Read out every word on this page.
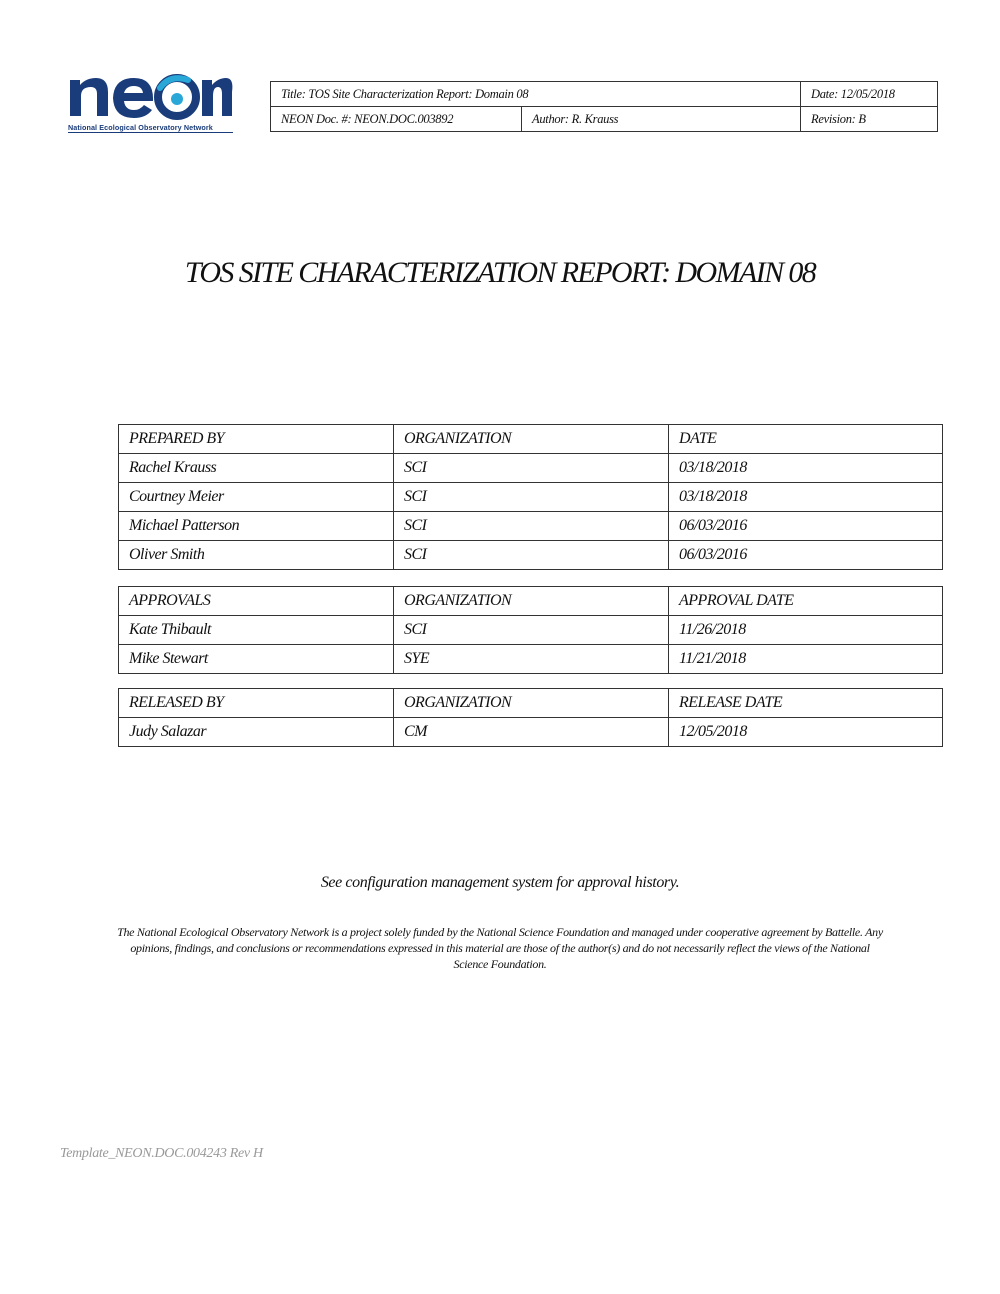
National Ecological Observatory Network
Title: TOS Site Characterization Report: Domain 08		Date: 12/05/2018
NEON Doc. #: NEON.DOC.003892	Author: R. Krauss	Revision: B
TOS SITE CHARACTERIZATION REPORT: DOMAIN 08
PREPARED BY	ORGANIZATION	DATE
Rachel Krauss	SCI	03/18/2018
Courtney Meier	SCI	03/18/2018
Michael Patterson	SCI	06/03/2016
Oliver Smith	SCI	06/03/2016
APPROVALS	ORGANIZATION	APPROVAL DATE
Kate Thibault	SCI	11/26/2018
Mike Stewart	SYE	11/21/2018
RELEASED BY	ORGANIZATION	RELEASE DATE
Judy Salazar	CM	12/05/2018
See configuration management system for approval history.
The National Ecological Observatory Network is a project solely funded by the National Science Foundation and managed under cooperative agreement by Battelle. Any opinions, findings, and conclusions or recommendations expressed in this material are those of the author(s) and do not necessarily reflect the views of the National Science Foundation.
Template_NEON.DOC.004243 Rev H
